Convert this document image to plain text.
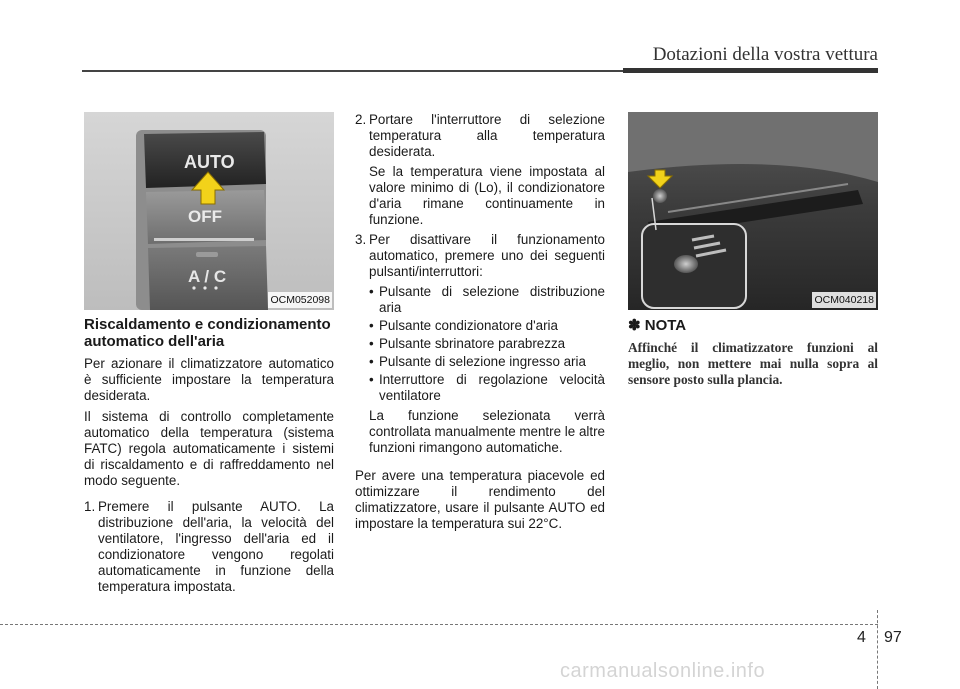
Dotazioni della vostra vettura
AUTO
OFF
A / C
OCM052098
Riscaldamento e condizionamento automatico dell'aria

Per azionare il climatizzatore automatico è sufficiente impostare la temperatura desiderata.

Il sistema di controllo completamente automatico della temperatura (sistema FATC) regola automaticamente i sistemi di riscaldamento e di raffreddamento nel modo seguente.

1. Premere il pulsante AUTO. La distribuzione dell'aria, la velocità del ventilatore, l'ingresso dell'aria ed il condizionatore vengono regolati automaticamente in funzione della temperatura impostata.
2. Portare l'interruttore di selezione temperatura alla temperatura desiderata.

Se la temperatura viene impostata al valore minimo di (Lo), il condizionatore d'aria rimane continuamente in funzione.

3. Per disattivare il funzionamento automatico, premere uno dei seguenti pulsanti/interruttori:
• Pulsante di selezione distribuzione aria
• Pulsante condizionatore d'aria
• Pulsante sbrinatore parabrezza
• Pulsante di selezione ingresso aria
• Interruttore di regolazione velocità ventilatore

La funzione selezionata verrà controllata manualmente mentre le altre funzioni rimangono automatiche.

Per avere una temperatura piacevole ed ottimizzare il rendimento del climatizzatore, usare il pulsante AUTO ed impostare la temperatura sui 22°C.

OCM040218
✽ NOTA
Affinché il climatizzatore funzioni al meglio, non mettere mai nulla sopra al sensore posto sulla plancia.
4 97
carmanualsonline.info
